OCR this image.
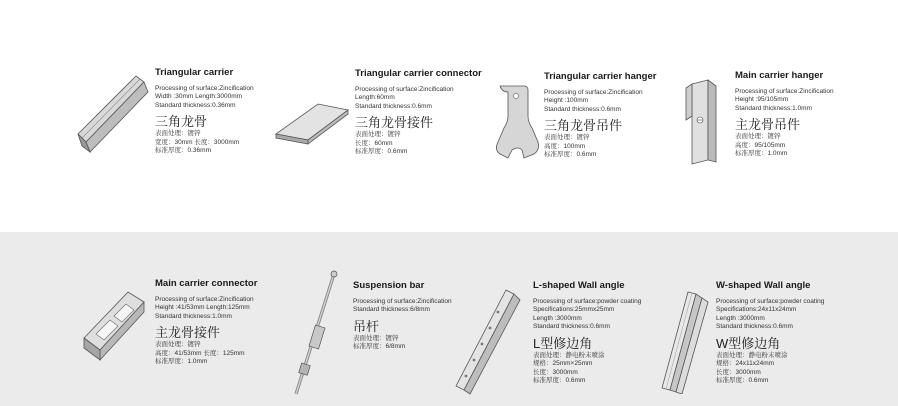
Triangular carrier
Processing of surface:Zincification
Width :30mm Length:3000mm
Standard thickness:0.36mm
三角龙骨
表面处理：镀锌
宽度：30mm 长度：3000mm
标准厚度：0.36mm
Triangular carrier connector
Processing of surface:Zincification
Length:60mm
Standard thickness:0.6mm
三角龙骨接件
表面处理：镀锌
长度：60mm
标准厚度：0.6mm
Triangular carrier hanger
Processing of surface:Zincification
Height :100mm
Standard thickness:0.6mm
三角龙骨吊件
表面处理：镀锌
高度：100mm
标准厚度：0.6mm
Main carrier hanger
Processing of surface:Zincification
Height :95/105mm
Standard thickness:1.0mm
主龙骨吊件
表面处理：镀锌
高度：95/105mm
标准厚度：1.0mm
Main carrier connector
Processing of surface:Zincification
Height :41/53mm Length:125mm
Standard thickness:1.0mm
主龙骨接件
表面处理：镀锌
高度：41/53mm 长度：125mm
标准厚度：1.0mm
Suspension bar
Processing of surface:Zincification
Standard thickness:6/8mm
吊杆
表面处理：镀锌
标准厚度：6/8mm
L-shaped Wall angle
Processing of surface:powder coating
Specifications:25mmx25mm
Length :3000mm
Standard thickness:0.6mm
L型修边角
表面处理：静电粉末喷涂
规格：25mm×25mm
长度：3000mm
标准厚度：0.6mm
W-shaped Wall angle
Processing of surface:powder coating
Specifications:24x11x24mm
Length :3000mm
Standard thickness:0.6mm
W型修边角
表面处理：静电粉末喷涂
规格：24x11x24mm
长度：3000mm
标准厚度：0.6mm
